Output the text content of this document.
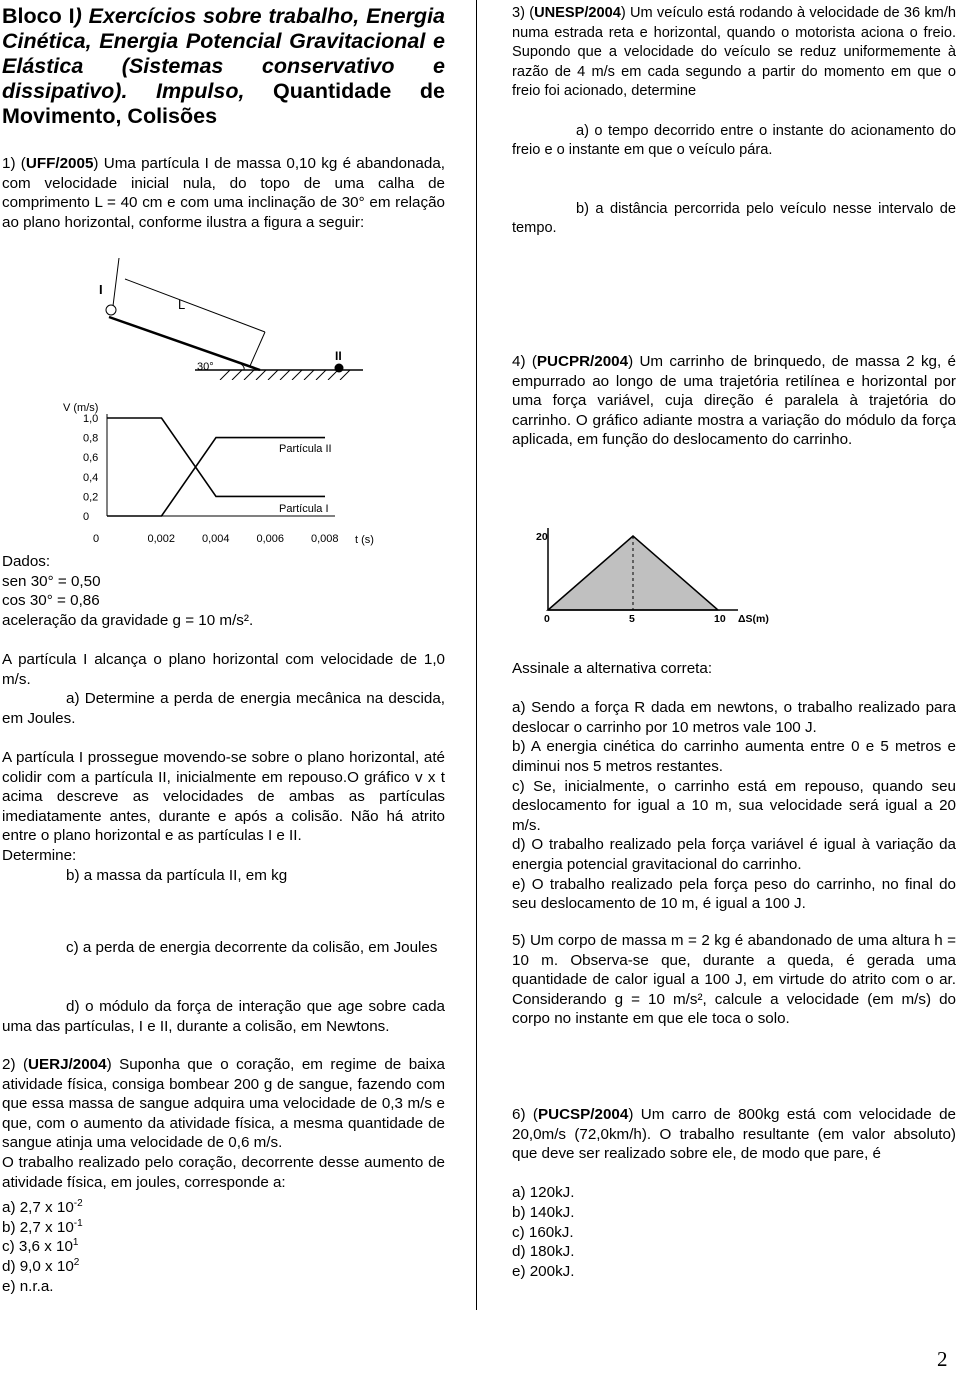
Bloco I) Exercícios sobre trabalho, Energia Cinética, Energia Potencial Gravitacional e Elástica (Sistemas conservativo e dissipativo). Impulso, Quantidade de Movimento, Colisões
1) (UFF/2005) Uma partícula I de massa 0,10 kg é abandonada, com velocidade inicial nula, do topo de uma calha de comprimento L = 40 cm e com uma inclinação de 30° em relação ao plano horizontal, conforme ilustra a figura a seguir:
I
L
30°
II
V (m/s)
t (s)
0
0,2
0,4
0,6
0,8
1,0
0	0,002 0,004 0,006 0,008
Partícula II
Partícula I
Dados:
sen 30° = 0,50
cos 30° = 0,86
aceleração da gravidade g = 10 m/s².

A partícula I alcança o plano horizontal com velocidade de 1,0 m/s.

a) Determine a perda de energia mecânica na descida, em Joules.

A partícula I prossegue movendo-se sobre o plano horizontal, até colidir com a partícula II, inicialmente em repouso.O gráfico v x t acima descreve as velocidades de ambas as partículas imediatamente antes, durante e após a colisão. Não há atrito entre o plano horizontal e as partículas I e II.

Determine:

b) a massa da partícula II, em kg

c) a perda de energia decorrente da colisão, em Joules

d) o módulo da força de interação que age sobre cada uma das partículas, I e II, durante a colisão, em Newtons.

2) (UERJ/2004) Suponha que o coração, em regime de baixa atividade física, consiga bombear 200 g de sangue, fazendo com que essa massa de sangue adquira uma velocidade de 0,3 m/s e que, com o aumento da atividade física, a mesma quantidade de sangue atinja uma velocidade de 0,6 m/s.

O trabalho realizado pelo coração, decorrente desse aumento de atividade física, em joules, corresponde a:

a) 2,7 x $10^{-2}$
b) 2,7 x $10^{-1}$
c) 3,6 x $10^1$
d) 9,0 x $10^2$
e) n.r.a.

3) (UNESP/2004) Um veículo está rodando à velocidade de 36 km/h numa estrada reta e horizontal, quando o motorista aciona o freio. Supondo que a velocidade do veículo se reduz uniformemente à razão de 4 m/s em cada segundo a partir do momento em que o freio foi acionado, determine

a) o tempo decorrido entre o instante do acionamento do freio e o instante em que o veículo pára.

b) a distância percorrida pelo veículo nesse intervalo de tempo.

4) (PUCPR/2004) Um carrinho de brinquedo, de massa 2 kg, é empurrado ao longo de uma trajetória retilínea e horizontal por uma força variável, cuja direção é paralela à trajetória do carrinho. O gráfico adiante mostra a variação do módulo da força aplicada, em função do deslocamento do carrinho.

20
0	5	10 ΔS(m)

Assinale a alternativa correta:

a) Sendo a força R dada em newtons, o trabalho realizado para deslocar o carrinho por 10 metros vale 100 J.

b) A energia cinética do carrinho aumenta entre 0 e 5 metros e diminui nos 5 metros restantes.

c) Se, inicialmente, o carrinho está em repouso, quando seu deslocamento for igual a 10 m, sua velocidade será igual a 20 m/s.

d) O trabalho realizado pela força variável é igual à variação da energia potencial gravitacional do carrinho.

e) O trabalho realizado pela força peso do carrinho, no final do seu deslocamento de 10 m, é igual a 100 J.

5) Um corpo de massa m = 2 kg é abandonado de uma altura h = 10 m. Observa-se que, durante a queda, é gerada uma quantidade de calor igual a 100 J, em virtude do atrito com o ar. Considerando g = 10 m/s², calcule a velocidade (em m/s) do corpo no instante em que ele toca o solo.

6) (PUCSP/2004) Um carro de 800kg está com velocidade de 20,0m/s (72,0km/h). O trabalho resultante (em valor absoluto) que deve ser realizado sobre ele, de modo que pare, é

a) 120kJ.
b) 140kJ.
c) 160kJ.
d) 180kJ.
e) 200kJ.
2
